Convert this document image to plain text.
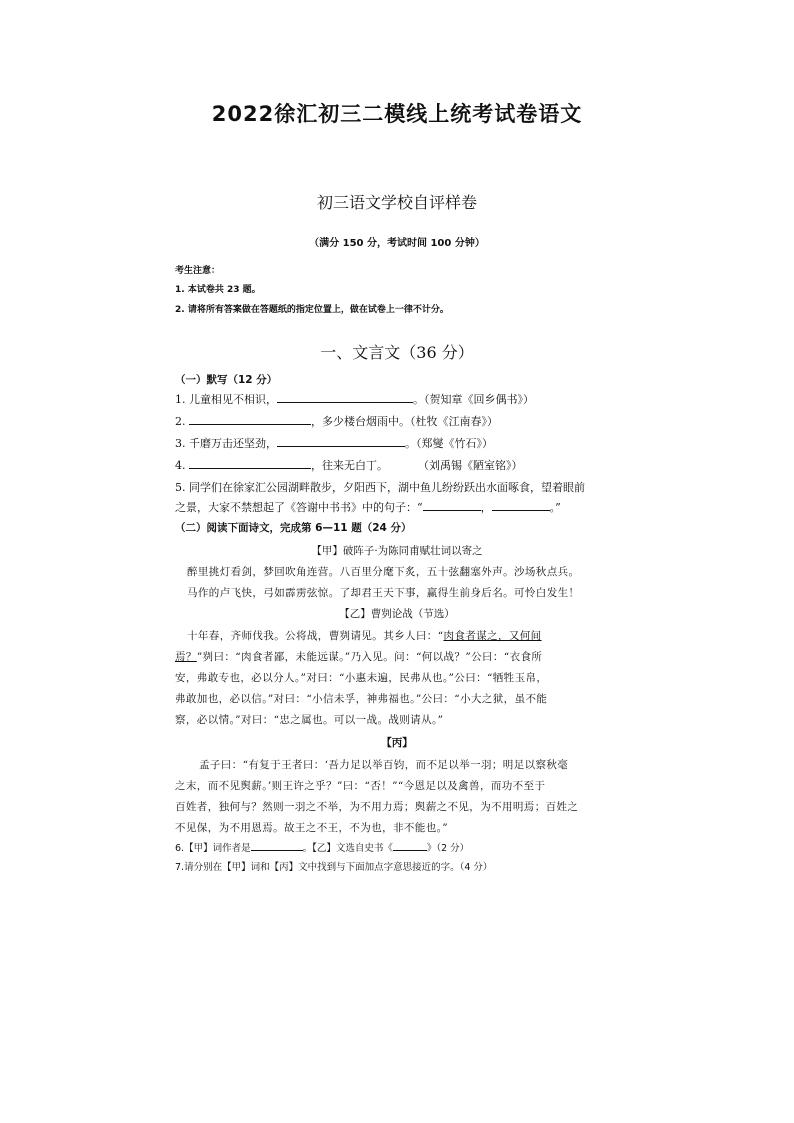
2022徐汇初三二模线上统考试卷语文
初三语文学校自评样卷
（满分 150 分，考试时间 100 分钟）
考生注意：
1. 本试卷共 23 题。
2. 请将所有答案做在答题纸的指定位置上，做在试卷上一律不计分。
一、文言文（36 分）
（一）默写（12 分）
1. 儿童相见不相识，	。（贺知章《回乡偶书》）
2.	，多少楼台烟雨中。（杜牧《江南春》）
3. 千磨万击还坚劲，	。（郑燮《竹石》）
4.	，往来无白丁。	（刘禹锡《陋室铭》）
5. 同学们在徐家汇公园湖畔散步，夕阳西下，湖中鱼儿纷纷跃出水面啄食，望着眼前
之景，大家不禁想起了《答谢中书书》中的句子：“	，	。”
（二）阅读下面诗文，完成第 6—11 题（24 分）
【甲】破阵子·为陈同甫赋壮词以寄之
醉里挑灯看剑，梦回吹角连营。八百里分麾下炙，五十弦翻塞外声。沙场秋点兵。
马作的卢飞快，弓如霹雳弦惊。了却君王天下事，赢得生前身后名。可怜白发生！
【乙】曹刿论战（节选）
十年春，齐师伐我。公将战，曹刿请见。其乡人曰：“肉食者谋之，又何间
焉？”刿曰：“肉食者鄙，未能远谋。”乃入见。问：“何以战？”公曰：“衣食所
安，弗敢专也，必以分人。”对曰：“小惠未遍，民弗从也。”公曰：“牺牲玉帛，
弗敢加也，必以信。”对曰：“小信未孚，神弗福也。”公曰：“小大之狱，虽不能
察，必以情。”对曰：“忠之属也。可以一战。战则请从。”
【丙】
孟子曰：“有复于王者曰：‘吾力足以举百钧，而不足以举一羽；明足以察秋毫
之末，而不见舆薪。’则王许之乎？”曰：“否！”“今恩足以及禽兽，而功不至于
百姓者，独何与？然则一羽之不举，为不用力焉；舆薪之不见，为不用明焉；百姓之
不见保，为不用恩焉。故王之不王，不为也，非不能也。”
6.【甲】词作者是	。【乙】文选自史书《	》（2 分）
7.请分别在【甲】词和【丙】文中找到与下面加点字意思接近的字。（4 分）
